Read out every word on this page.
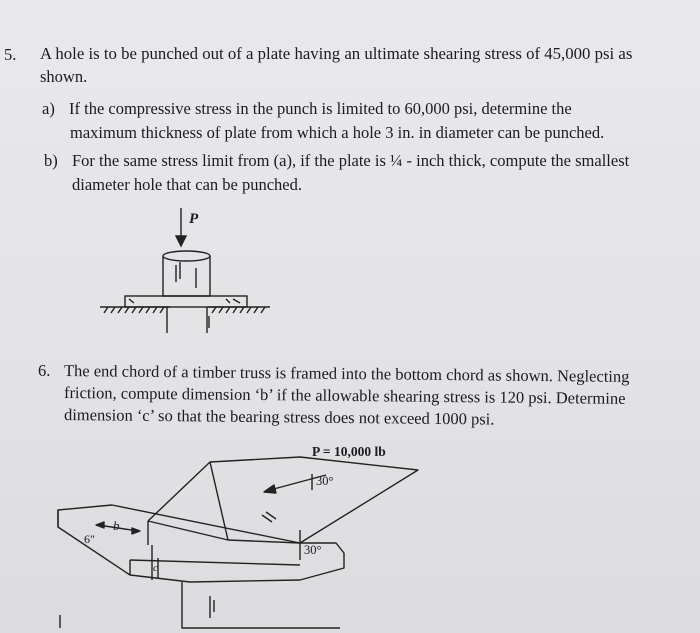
5. A hole is to be punched out of a plate having an ultimate shearing stress of 45,000 psi as
shown.
a) If the compressive stress in the punch is limited to 60,000 psi, determine the
maximum thickness of plate from which a hole 3 in. in diameter can be punched.
b) For the same stress limit from (a), if the plate is ¼ - inch thick, compute the smallest
diameter hole that can be punched.
P
6. The end chord of a timber truss is framed into the bottom chord as shown. Neglecting
friction, compute dimension ‘b’ if the allowable shearing stress is 120 psi. Determine
dimension ‘c’ so that the bearing stress does not exceed 1000 psi.
P = 10,000 lb
30°
30°
b
c
6"
